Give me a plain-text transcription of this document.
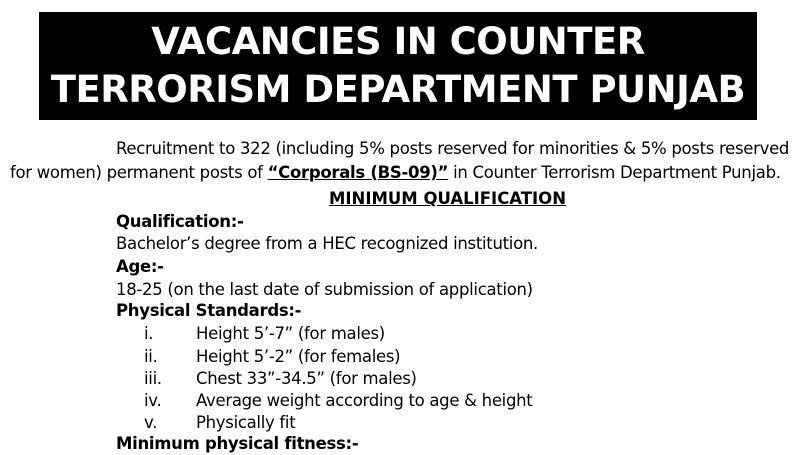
VACANCIES IN COUNTER
TERRORISM DEPARTMENT PUNJAB
Recruitment to 322 (including 5% posts reserved for minorities & 5% posts reserved
for women) permanent posts of “Corporals (BS-09)” in Counter Terrorism Department Punjab.
MINIMUM QUALIFICATION
Qualification:-
Bachelor’s degree from a HEC recognized institution.
Age:-
18-25 (on the last date of submission of application)
Physical Standards:-
i.	Height 5’-7” (for males)
ii. Height 5’-2” (for females)
iii. Chest 33”-34.5” (for males)
iv. Average weight according to age & height
v. Physically fit
Minimum physical fitness:-
